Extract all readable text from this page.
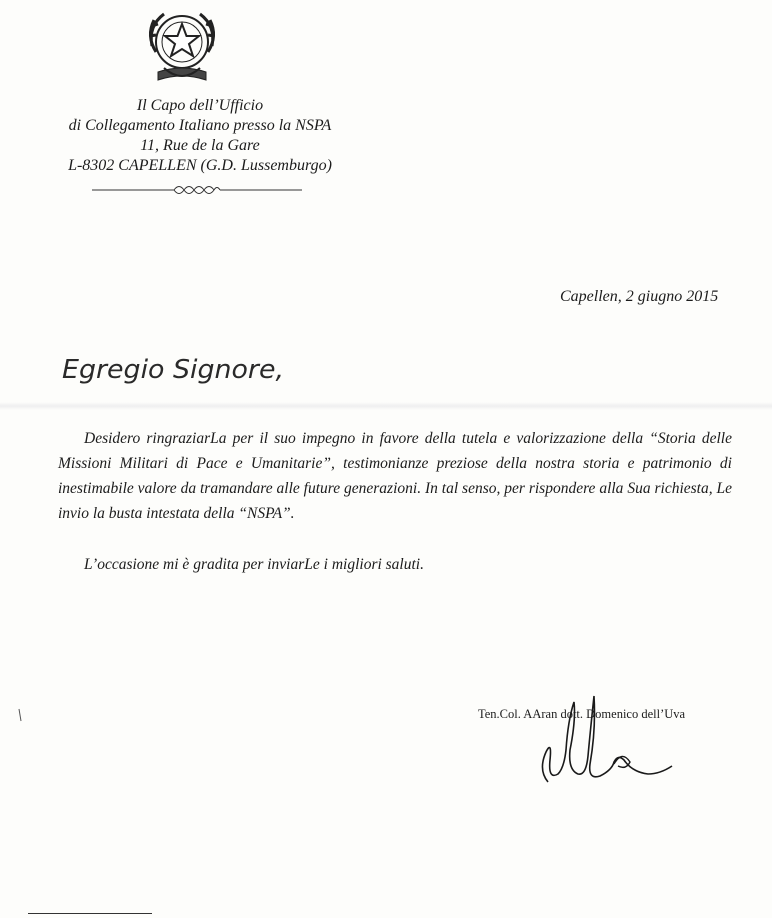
Il Capo dell’Ufficio
di Collegamento Italiano presso la NSPA
11, Rue de la Gare
L-8302 CAPELLEN (G.D. Lussemburgo)
Capellen, 2 giugno 2015
Egregio Signore,
Desidero ringraziarLa per il suo impegno in favore della tutela e valorizzazione della “Storia delle Missioni Militari di Pace e Umanitarie”, testimonianze preziose della nostra storia e patrimonio di inestimabile valore da tramandare alle future generazioni. In tal senso, per rispondere alla Sua richiesta, Le invio la busta intestata della “NSPA”.
L’occasione mi è gradita per inviarLe i migliori saluti.
Ten.Col. AAran dott. Domenico dell’Uva
